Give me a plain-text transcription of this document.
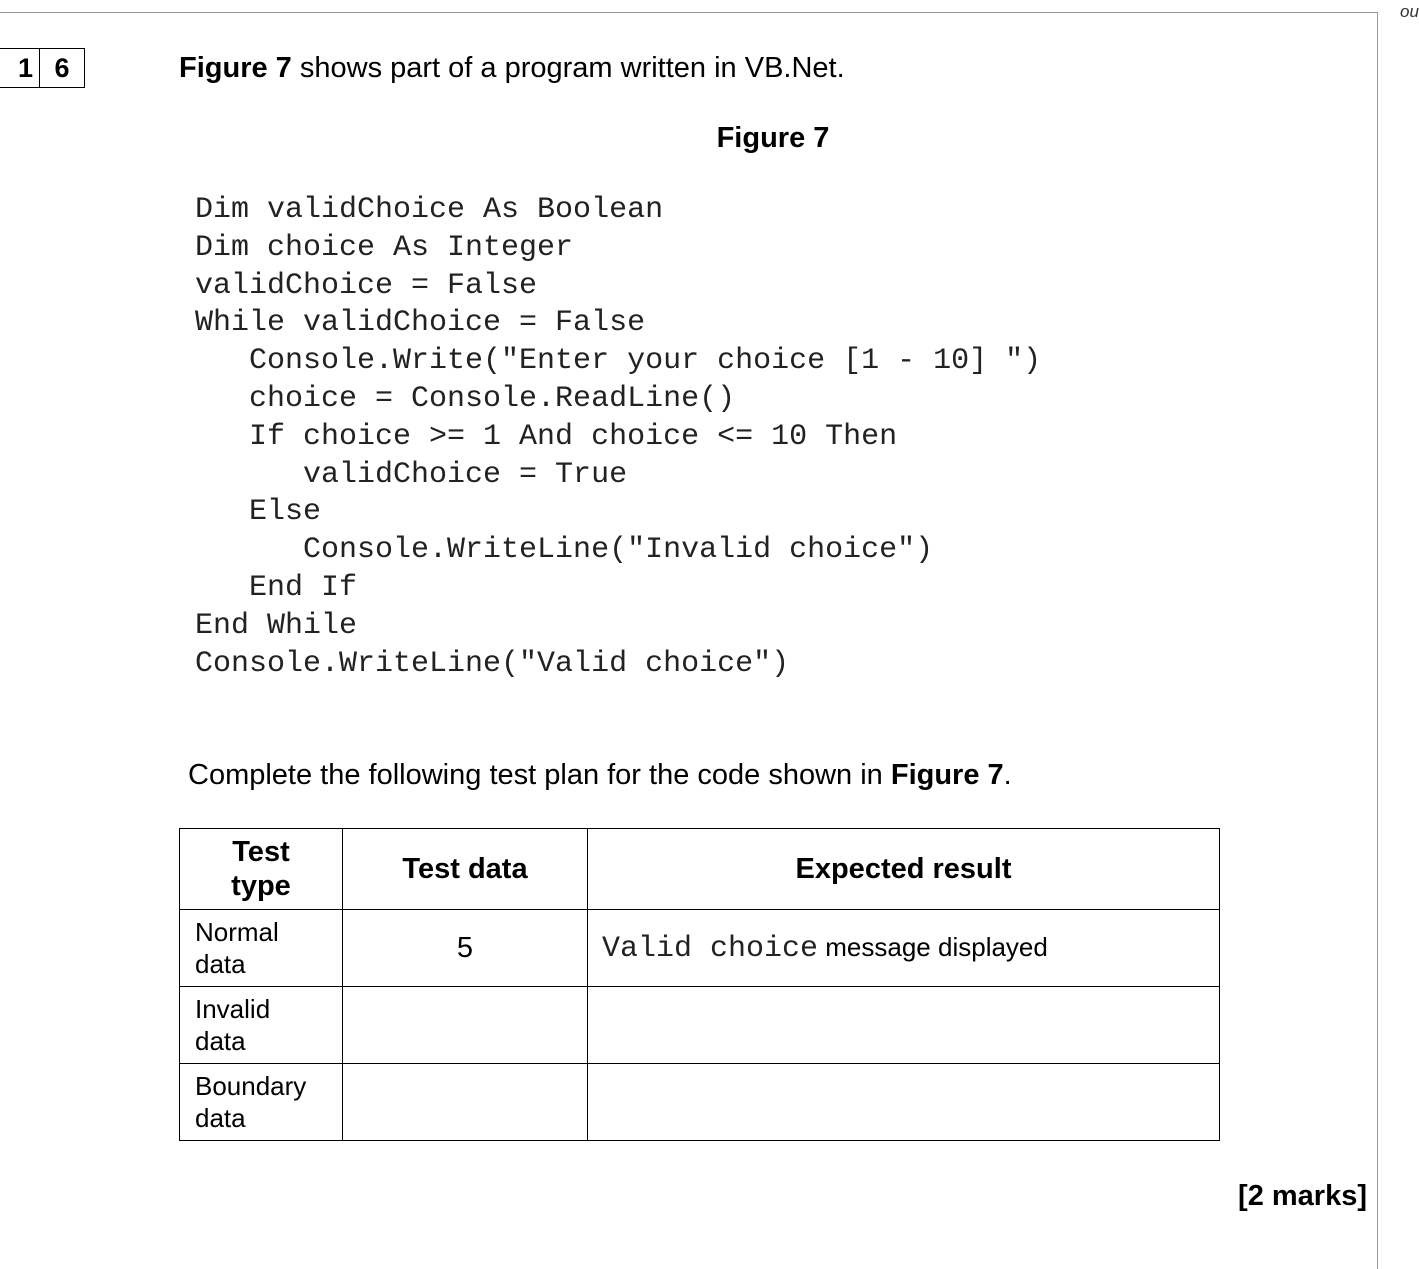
ou
1 6	Figure 7 shows part of a program written in VB.Net.
Figure 7
Dim validChoice As Boolean
Dim choice As Integer
validChoice = False
While validChoice = False
Console.Write("Enter your choice [1 - 10] ")
choice = Console.ReadLine()
If choice >= 1 And choice <= 10 Then
validChoice = True
Else
Console.WriteLine("Invalid choice")
End If
End While
Console.WriteLine("Valid choice")
Complete the following test plan for the code shown in Figure 7.
Test type	Test data	Expected result

Normal data	5	Valid choice message displayed

Invalid data		

Boundary data		

[2 marks]
